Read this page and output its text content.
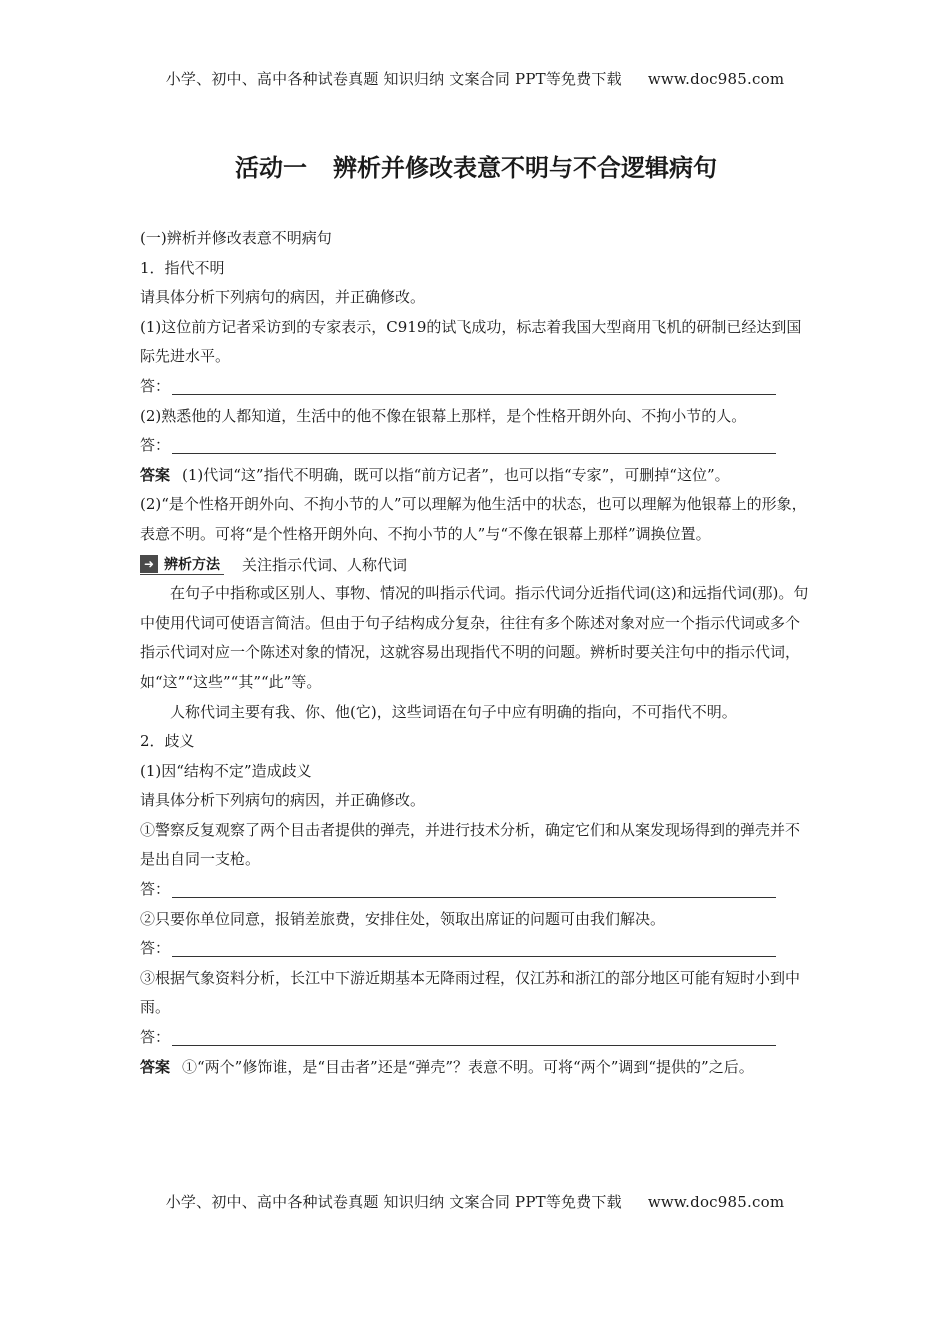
小学、初中、高中各种试卷真题 知识归纳 文案合同 PPT等免费下载 www.doc985.com
活动一 辨析并修改表意不明与不合逻辑病句

(一)辨析并修改表意不明病句

1．指代不明

请具体分析下列病句的病因，并正确修改。

(1)这位前方记者采访到的专家表示，C919的试飞成功，标志着我国大型商用飞机的研制已经达到国际先进水平。

答：

(2)熟悉他的人都知道，生活中的他不像在银幕上那样，是个性格开朗外向、不拘小节的人。

答：

答案 (1)代词“这”指代不明确，既可以指“前方记者”，也可以指“专家”，可删掉“这位”。

(2)“是个性格开朗外向、不拘小节的人”可以理解为他生活中的状态，也可以理解为他银幕上的形象，表意不明。可将“是个性格开朗外向、不拘小节的人”与“不像在银幕上那样”调换位置。

➜ 辨析方法 关注指示代词、人称代词

在句子中指称或区别人、事物、情况的叫指示代词。指示代词分近指代词(这)和远指代词(那)。句中使用代词可使语言简洁。但由于句子结构成分复杂，往往有多个陈述对象对应一个指示代词或多个指示代词对应一个陈述对象的情况，这就容易出现指代不明的问题。辨析时要关注句中的指示代词，如“这”“这些”“其”“此”等。

人称代词主要有我、你、他(它)，这些词语在句子中应有明确的指向，不可指代不明。

2．歧义

(1)因“结构不定”造成歧义

请具体分析下列病句的病因，并正确修改。

①警察反复观察了两个目击者提供的弹壳，并进行技术分析，确定它们和从案发现场得到的弹壳并不是出自同一支枪。

答：

②只要你单位同意，报销差旅费，安排住处，领取出席证的问题可由我们解决。

答：

③根据气象资料分析，长江中下游近期基本无降雨过程，仅江苏和浙江的部分地区可能有短时小到中雨。

答：

答案 ①“两个”修饰谁，是“目击者”还是“弹壳”？表意不明。可将“两个”调到“提供的”之后。

小学、初中、高中各种试卷真题 知识归纳 文案合同 PPT等免费下载 www.doc985.com
